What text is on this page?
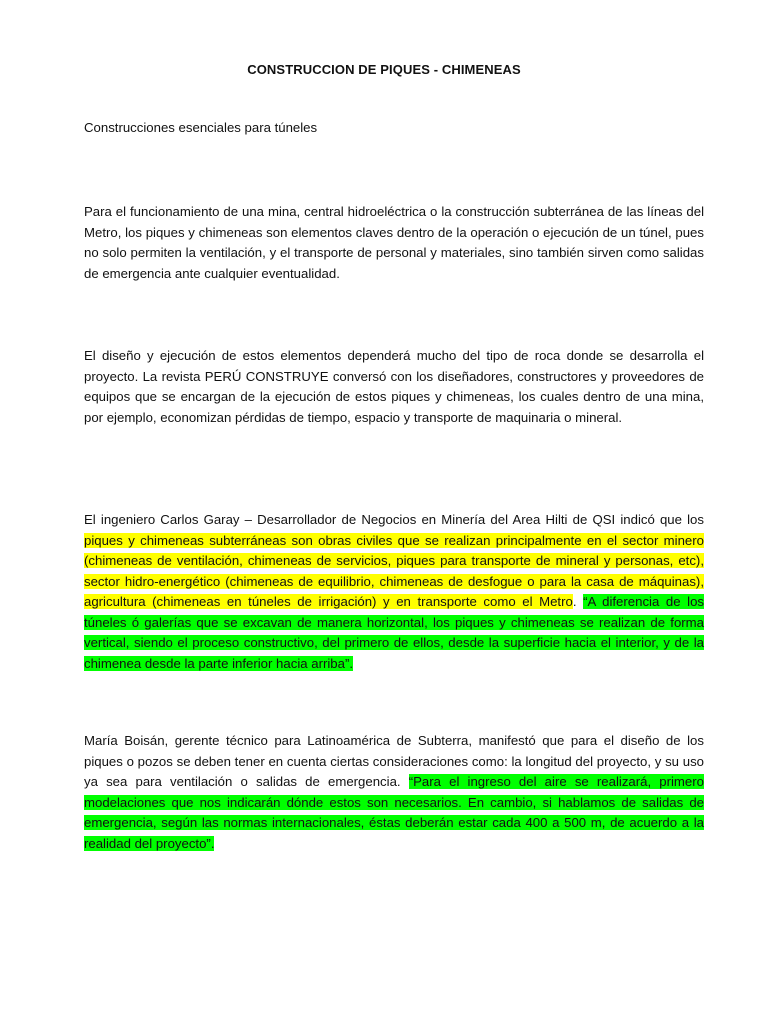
CONSTRUCCION DE PIQUES - CHIMENEAS
Construcciones esenciales para túneles

Para el funcionamiento de una mina, central hidroeléctrica o la construcción subterránea de las líneas del Metro, los piques y chimeneas son elementos claves dentro de la operación o ejecución de un túnel, pues no solo permiten la ventilación, y el transporte de personal y materiales, sino también sirven como salidas de emergencia ante cualquier eventualidad.

El diseño y ejecución de estos elementos dependerá mucho del tipo de roca donde se desarrolla el proyecto. La revista PERÚ CONSTRUYE conversó con los diseñadores, constructores y proveedores de equipos que se encargan de la ejecución de estos piques y chimeneas, los cuales dentro de una mina, por ejemplo, economizan pérdidas de tiempo, espacio y transporte de maquinaria o mineral.

El ingeniero Carlos Garay – Desarrollador de Negocios en Minería del Area Hilti de QSI indicó que los piques y chimeneas subterráneas son obras civiles que se realizan principalmente en el sector minero (chimeneas de ventilación, chimeneas de servicios, piques para transporte de mineral y personas, etc), sector hidro-energético (chimeneas de equilibrio, chimeneas de desfogue o para la casa de máquinas), agricultura (chimeneas en túneles de irrigación) y en transporte como el Metro. “A diferencia de los túneles ó galerías que se excavan de manera horizontal, los piques y chimeneas se realizan de forma vertical, siendo el proceso constructivo, del primero de ellos, desde la superficie hacia el interior, y de la chimenea desde la parte inferior hacia arriba”.

María Boisán, gerente técnico para Latinoamérica de Subterra, manifestó que para el diseño de los piques o pozos se deben tener en cuenta ciertas consideraciones como: la longitud del proyecto, y su uso ya sea para ventilación o salidas de emergencia. “Para el ingreso del aire se realizará, primero modelaciones que nos indicarán dónde estos son necesarios. En cambio, si hablamos de salidas de emergencia, según las normas internacionales, éstas deberán estar cada 400 a 500 m, de acuerdo a la realidad del proyecto”.
